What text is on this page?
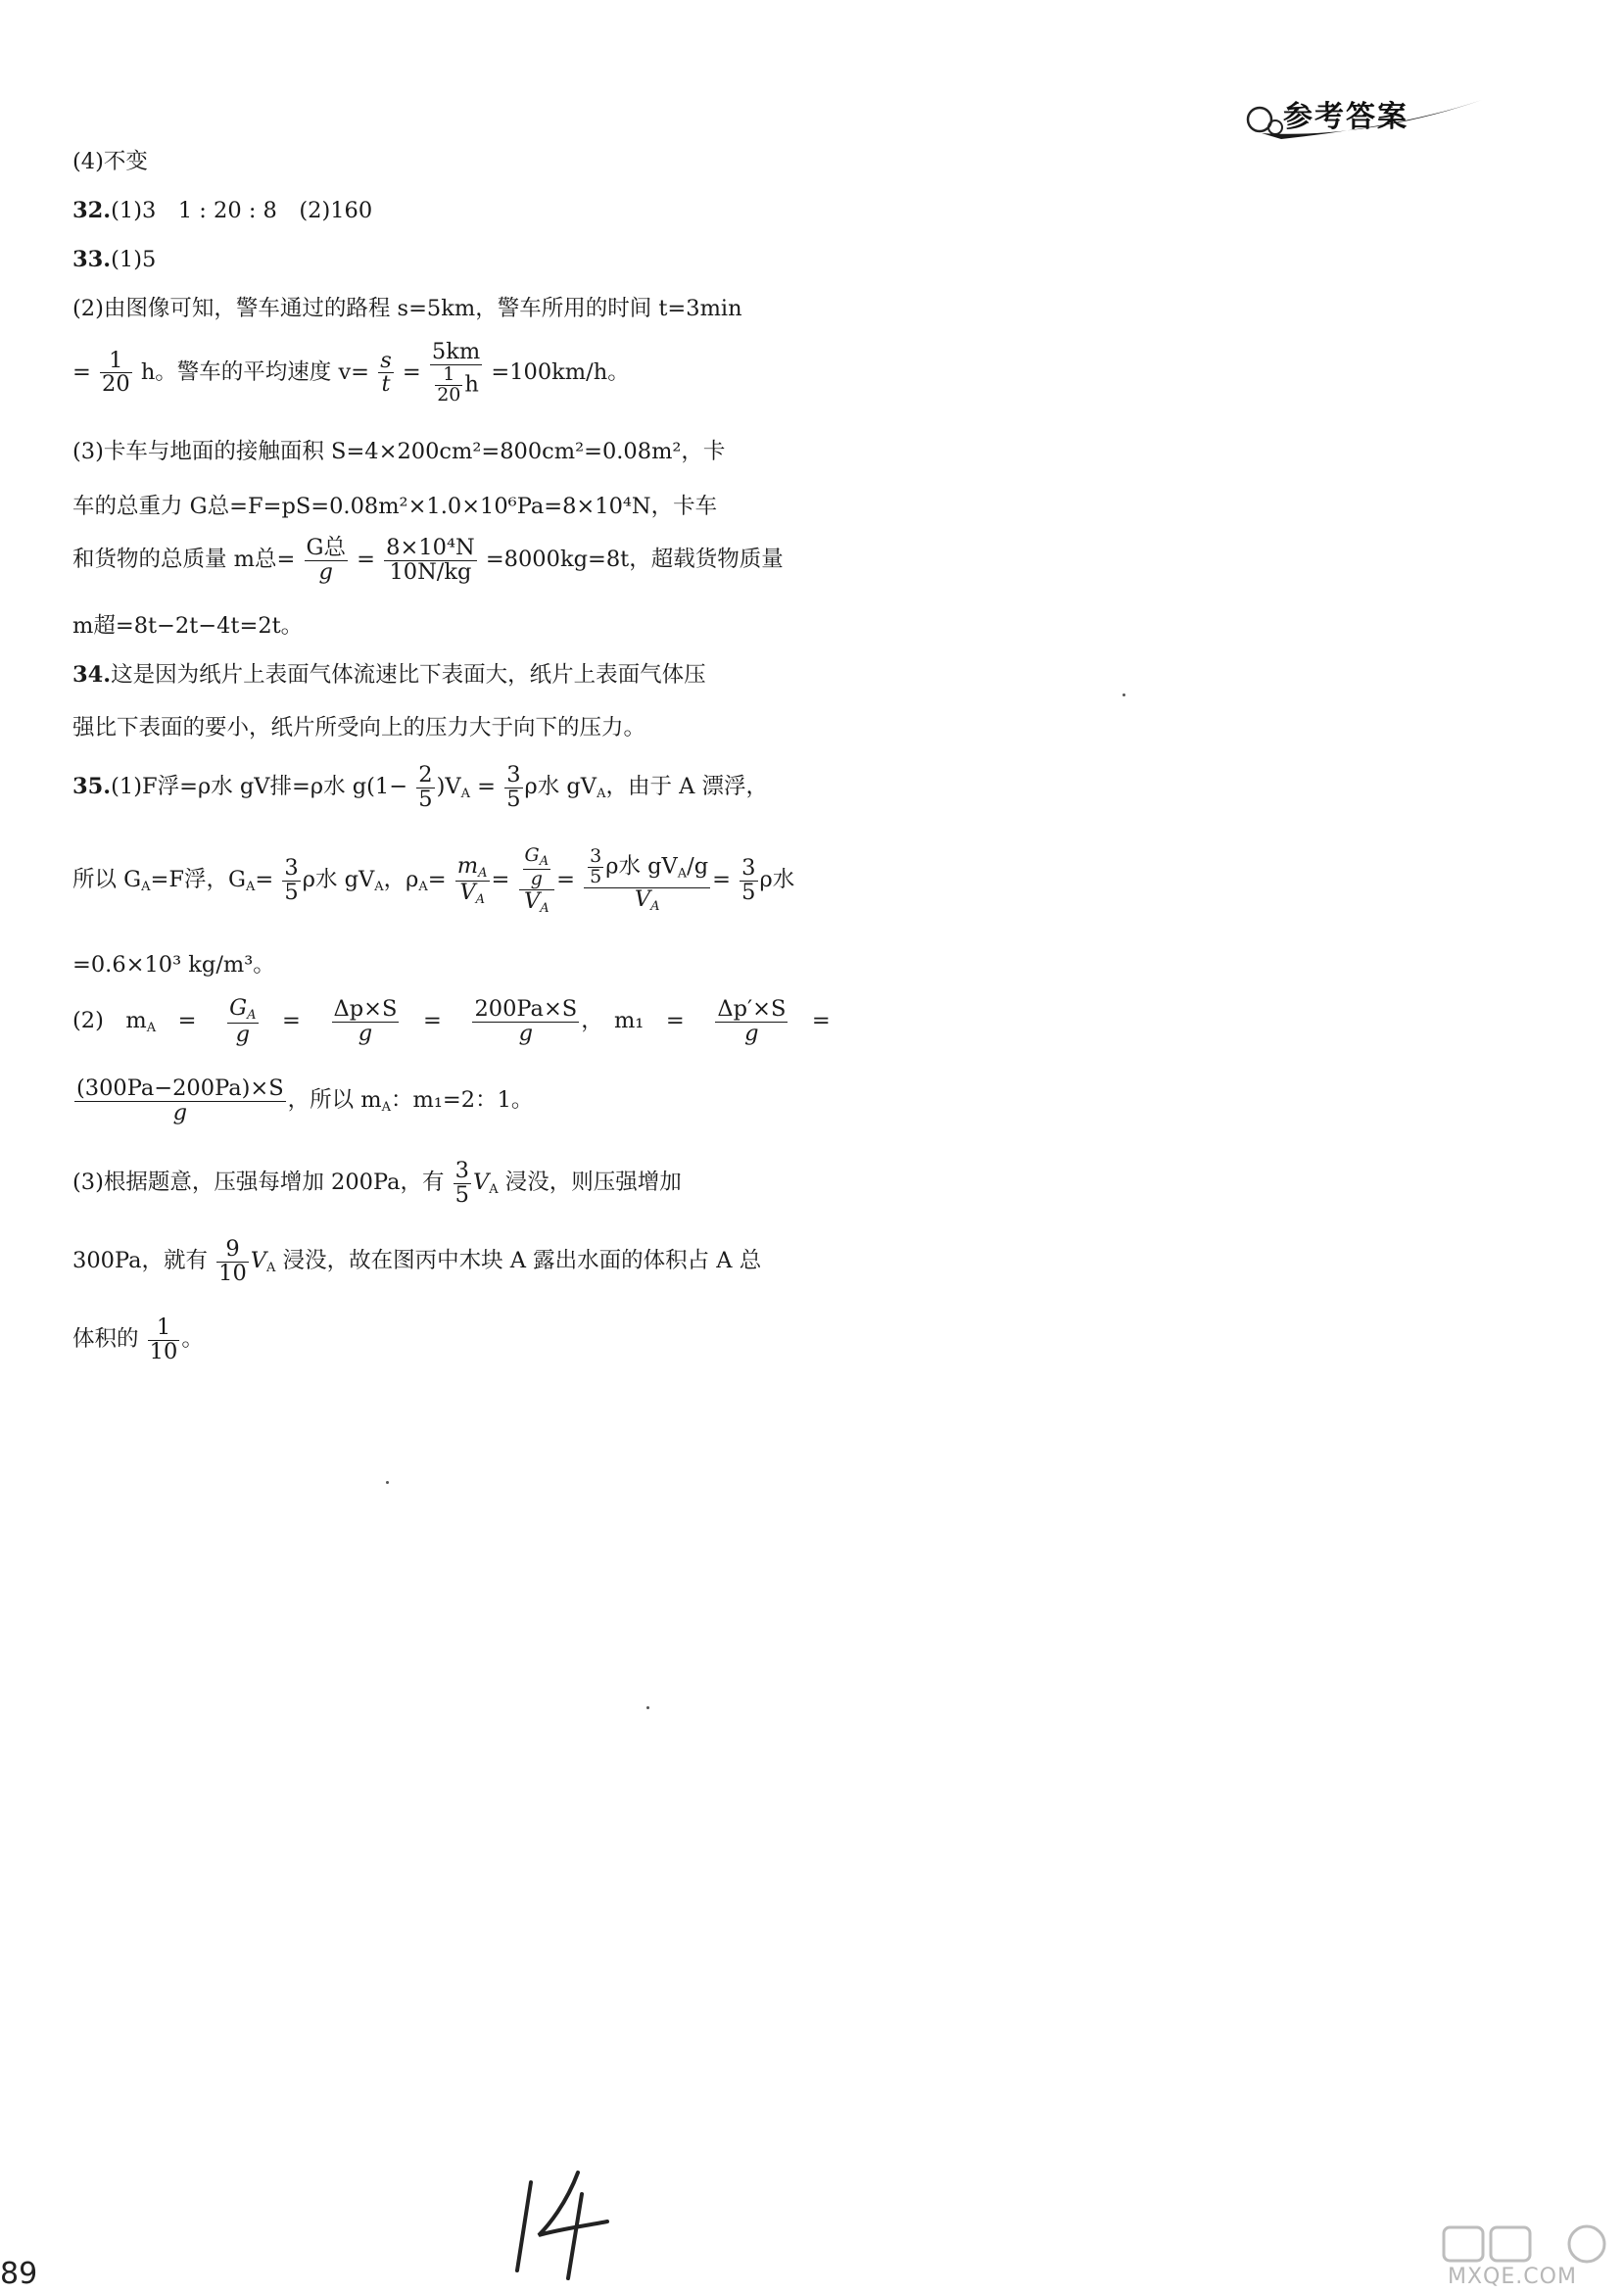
参考答案
(4)不变
32.(1)3　1 : 20 : 8　(2)160
33.(1)5
(2)由图像可知，警车通过的路程 s=5km，警车所用的时间 t=3min
= $\frac{1}{20}$ h。警车的平均速度 $v= \frac{s}{t} = \frac{5km}{\frac{1}{20} h} =100km/h$。
(3)卡车与地面的接触面积 S=4×200cm²=800cm²=0.08m²，卡
车的总重力 G总=F=pS=0.08m²×1.0×10⁶Pa=8×10⁴N，卡车
和货物的总质量 m总= $\frac{\text{G总}}{g} = \frac{\text{8×10⁴N}}{10N/kg} =8000kg=8t$，超载货物质量
m超=8t−2t−4t=2t。
34.这是因为纸片上表面气体流速比下表面大，纸片上表面气体压
强比下表面的要小，纸片所受向上的压力大于向下的压力。
35.(1)F浮=ρ水 gV排=ρ水 $g(1- \frac{2}{5} )V_A = \frac{3}{5}$ ρ水 $gV_A$，由于 A 漂浮，
所以 $G_A=F$浮，$G_A= \frac{3}{5}$ ρ水 $gV_A$，$\rho_A= \frac{m_A}{V_A} = \frac{\frac{G_A}{g}}{V_A} = \frac{\frac{3}{5} \rho 水 gV_A/g}{V_A} = \frac{3}{5}$ ρ水
=0.6×10³ kg/m³。
(2)　$m_A$　=　 $\frac{G_A}{g}$ 　=　 $\frac{\Delta p\times S}{g}$ 　=　 $\frac{200Pa\times S}{g}$ ，　m₁　=　 $\frac{\Delta p'\times S}{g}$ 　=
$\frac{(300Pa-200Pa)\times S}{g}$ ，所以 $m_A$：m₁=2：1。
(3)根据题意，压强每增加 200Pa，有 $\frac{3}{5} V_A$ 浸没，则压强增加
300Pa，就有 $\frac{9}{10} V_A$ 浸没，故在图丙中木块 A 露出水面的体积占 A 总
体积的 $\frac{1}{10}$ 。
89	MXQE.COM
